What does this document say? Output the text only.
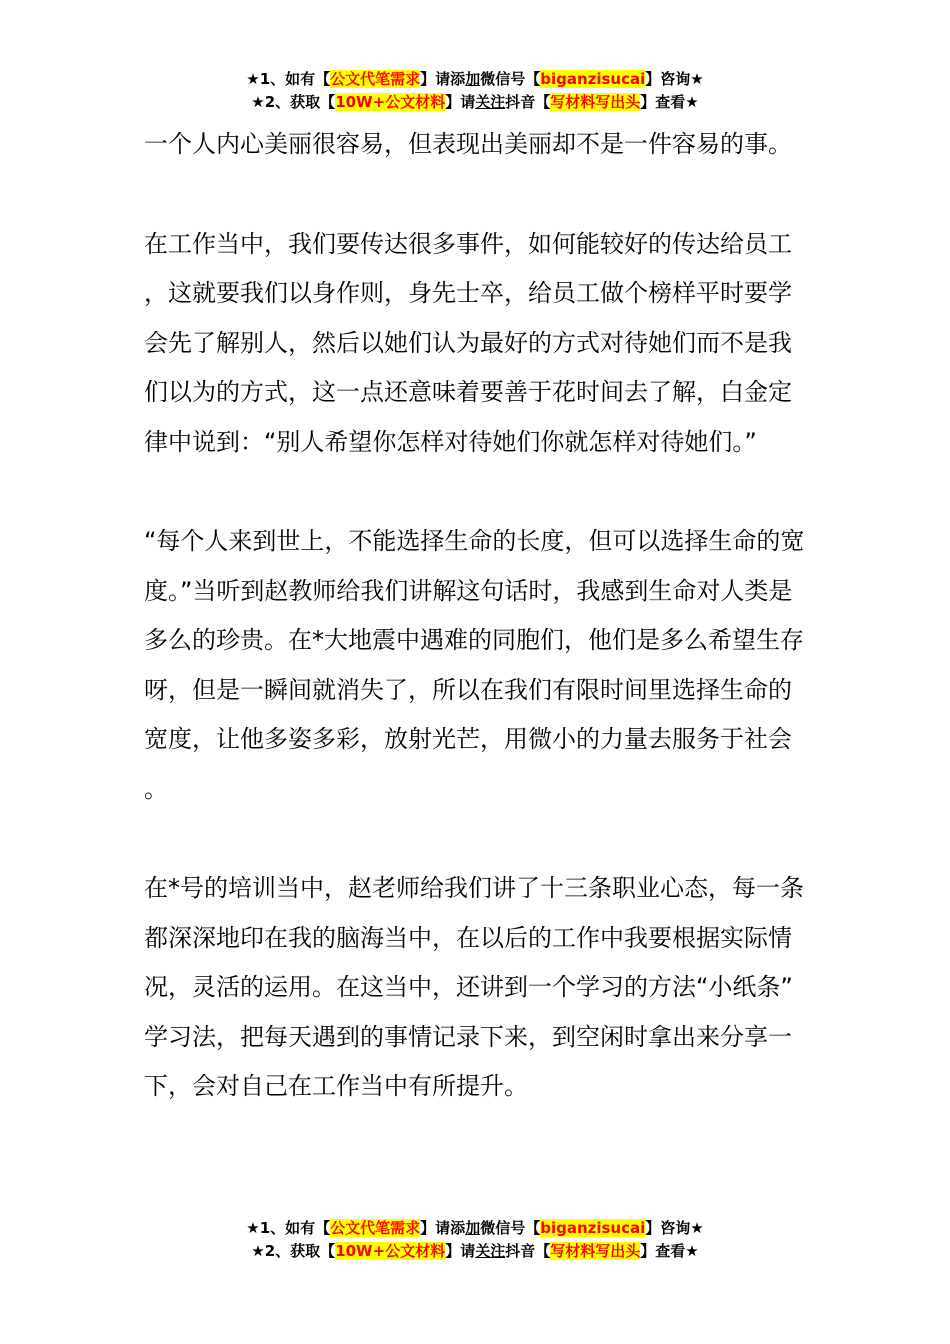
★1、如有【公文代笔需求】请添加微信号【biganzisucai】咨询★
★2、获取【10W+公文材料】请关注抖音【写材料写出头】查看★

一个人内心美丽很容易，但表现出美丽却不是一件容易的事。

在工作当中，我们要传达很多事件，如何能较好的传达给员工，这就要我们以身作则，身先士卒，给员工做个榜样平时要学会先了解别人，然后以她们认为最好的方式对待她们而不是我们以为的方式，这一点还意味着要善于花时间去了解，白金定律中说到：“别人希望你怎样对待她们你就怎样对待她们。”

“每个人来到世上，不能选择生命的长度，但可以选择生命的宽度。”当听到赵教师给我们讲解这句话时，我感到生命对人类是多么的珍贵。在*大地震中遇难的同胞们，他们是多么希望生存呀，但是一瞬间就消失了，所以在我们有限时间里选择生命的宽度，让他多姿多彩，放射光芒，用微小的力量去服务于社会。

在*号的培训当中，赵老师给我们讲了十三条职业心态，每一条都深深地印在我的脑海当中，在以后的工作中我要根据实际情况，灵活的运用。在这当中，还讲到一个学习的方法“小纸条”学习法，把每天遇到的事情记录下来，到空闲时拿出来分享一下，会对自己在工作当中有所提升。

★1、如有【公文代笔需求】请添加微信号【biganzisucai】咨询★
★2、获取【10W+公文材料】请关注抖音【写材料写出头】查看★
